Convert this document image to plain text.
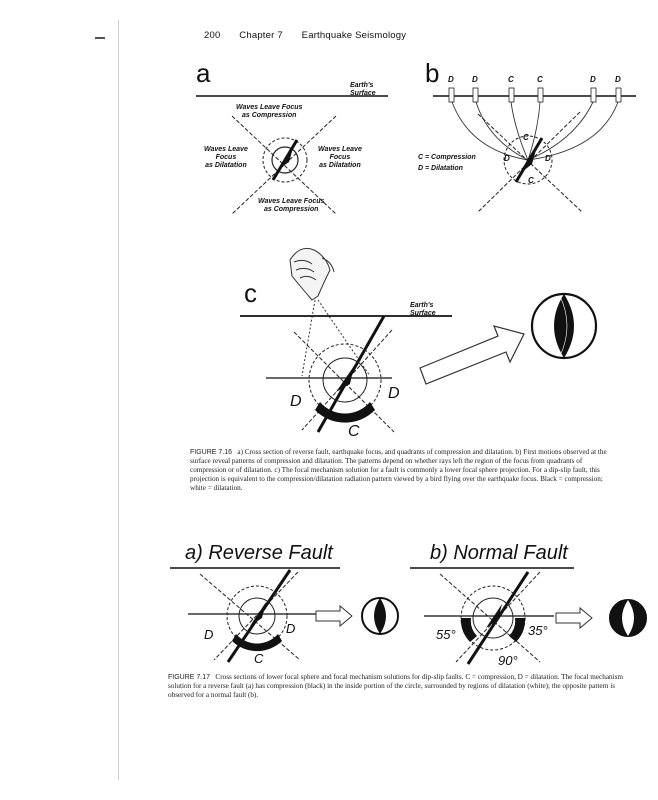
200 Chapter 7 Earthquake Seismology
a	b
c
Earth's
Surface
Waves Leave Focus
as Compression
Waves Leave
Focus
as Dilatation
Waves Leave
Focus
as Dilatation
Waves Leave Focus
as Compression
D D	C	C	D D
C
D	D
C
C = Compression
D = Dilatation
Earth's
Surface
D	D
C
FIGURE 7.16 a) Cross section of reverse fault, earthquake focus, and quadrants of compression and dilatation. b) First motions observed at the surface reveal patterns of compression and dilatation. The patterns depend on whether rays left the region of the focus from quadrants of compression or of dilatation. c) The focal mechanism solution for a fault is commonly a lower focal sphere projection. For a dip-slip fault, this projection is equivalent to the compression/dilatation radiation pattern viewed by a bird flying over the earthquake focus. Black = compression; white = dilatation.
a) Reverse Fault	b) Normal Fault
D	D
C
55°	35°
90°
FIGURE 7.17 Cross sections of lower focal sphere and focal mechanism solutions for dip-slip faults. C = compression, D = dilatation. The focal mechanism solution for a reverse fault (a) has compression (black) in the inside portion of the circle, surrounded by regions of dilatation (white); the opposite pattern is observed for a normal fault (b).
